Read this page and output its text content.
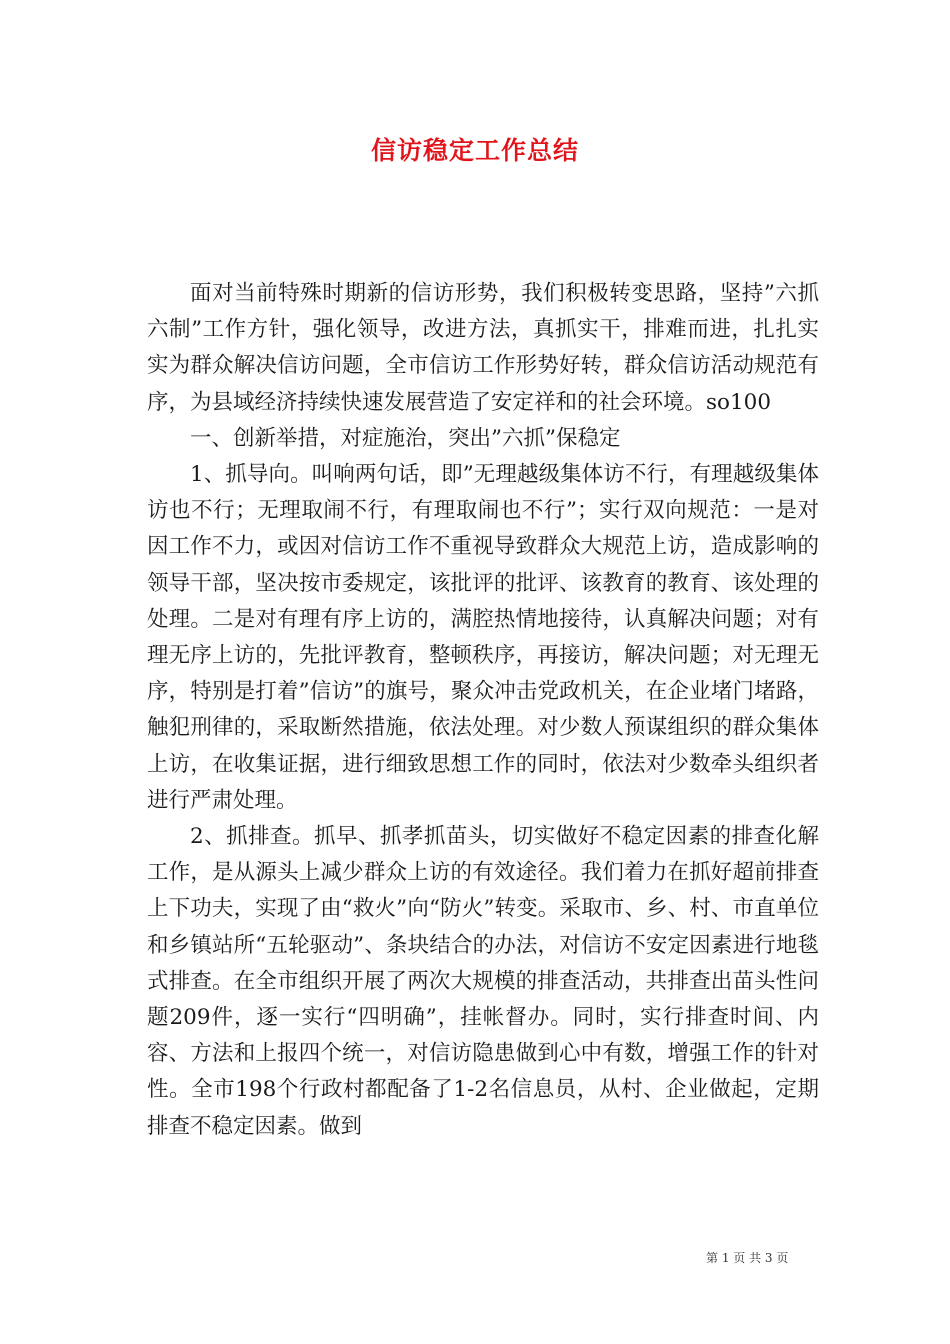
信访稳定工作总结

面对当前特殊时期新的信访形势，我们积极转变思路，坚持”六抓六制”工作方针，强化领导，改进方法，真抓实干，排难而进，扎扎实实为群众解决信访问题，全市信访工作形势好转，群众信访活动规范有序，为县域经济持续快速发展营造了安定祥和的社会环境。so100

一、创新举措，对症施治，突出”六抓”保稳定

1、抓导向。叫响两句话，即”无理越级集体访不行，有理越级集体访也不行；无理取闹不行，有理取闹也不行”；实行双向规范：一是对因工作不力，或因对信访工作不重视导致群众大规范上访，造成影响的领导干部，坚决按市委规定，该批评的批评、该教育的教育、该处理的处理。二是对有理有序上访的，满腔热情地接待，认真解决问题；对有理无序上访的，先批评教育，整顿秩序，再接访，解决问题；对无理无序，特别是打着”信访”的旗号，聚众冲击党政机关，在企业堵门堵路，触犯刑律的，采取断然措施，依法处理。对少数人预谋组织的群众集体上访，在收集证据，进行细致思想工作的同时，依法对少数牵头组织者进行严肃处理。

2、抓排查。抓早、抓孝抓苗头，切实做好不稳定因素的排查化解工作，是从源头上减少群众上访的有效途径。我们着力在抓好超前排查上下功夫，实现了由“救火”向“防火”转变。采取市、乡、村、市直单位和乡镇站所“五轮驱动”、条块结合的办法，对信访不安定因素进行地毯式排查。在全市组织开展了两次大规模的排查活动，共排查出苗头性问题209件，逐一实行“四明确”，挂帐督办。同时，实行排查时间、内容、方法和上报四个统一，对信访隐患做到心中有数，增强工作的针对性。全市198个行政村都配备了1-2名信息员，从村、企业做起，定期排查不稳定因素。做到

第 1 页 共 3 页
